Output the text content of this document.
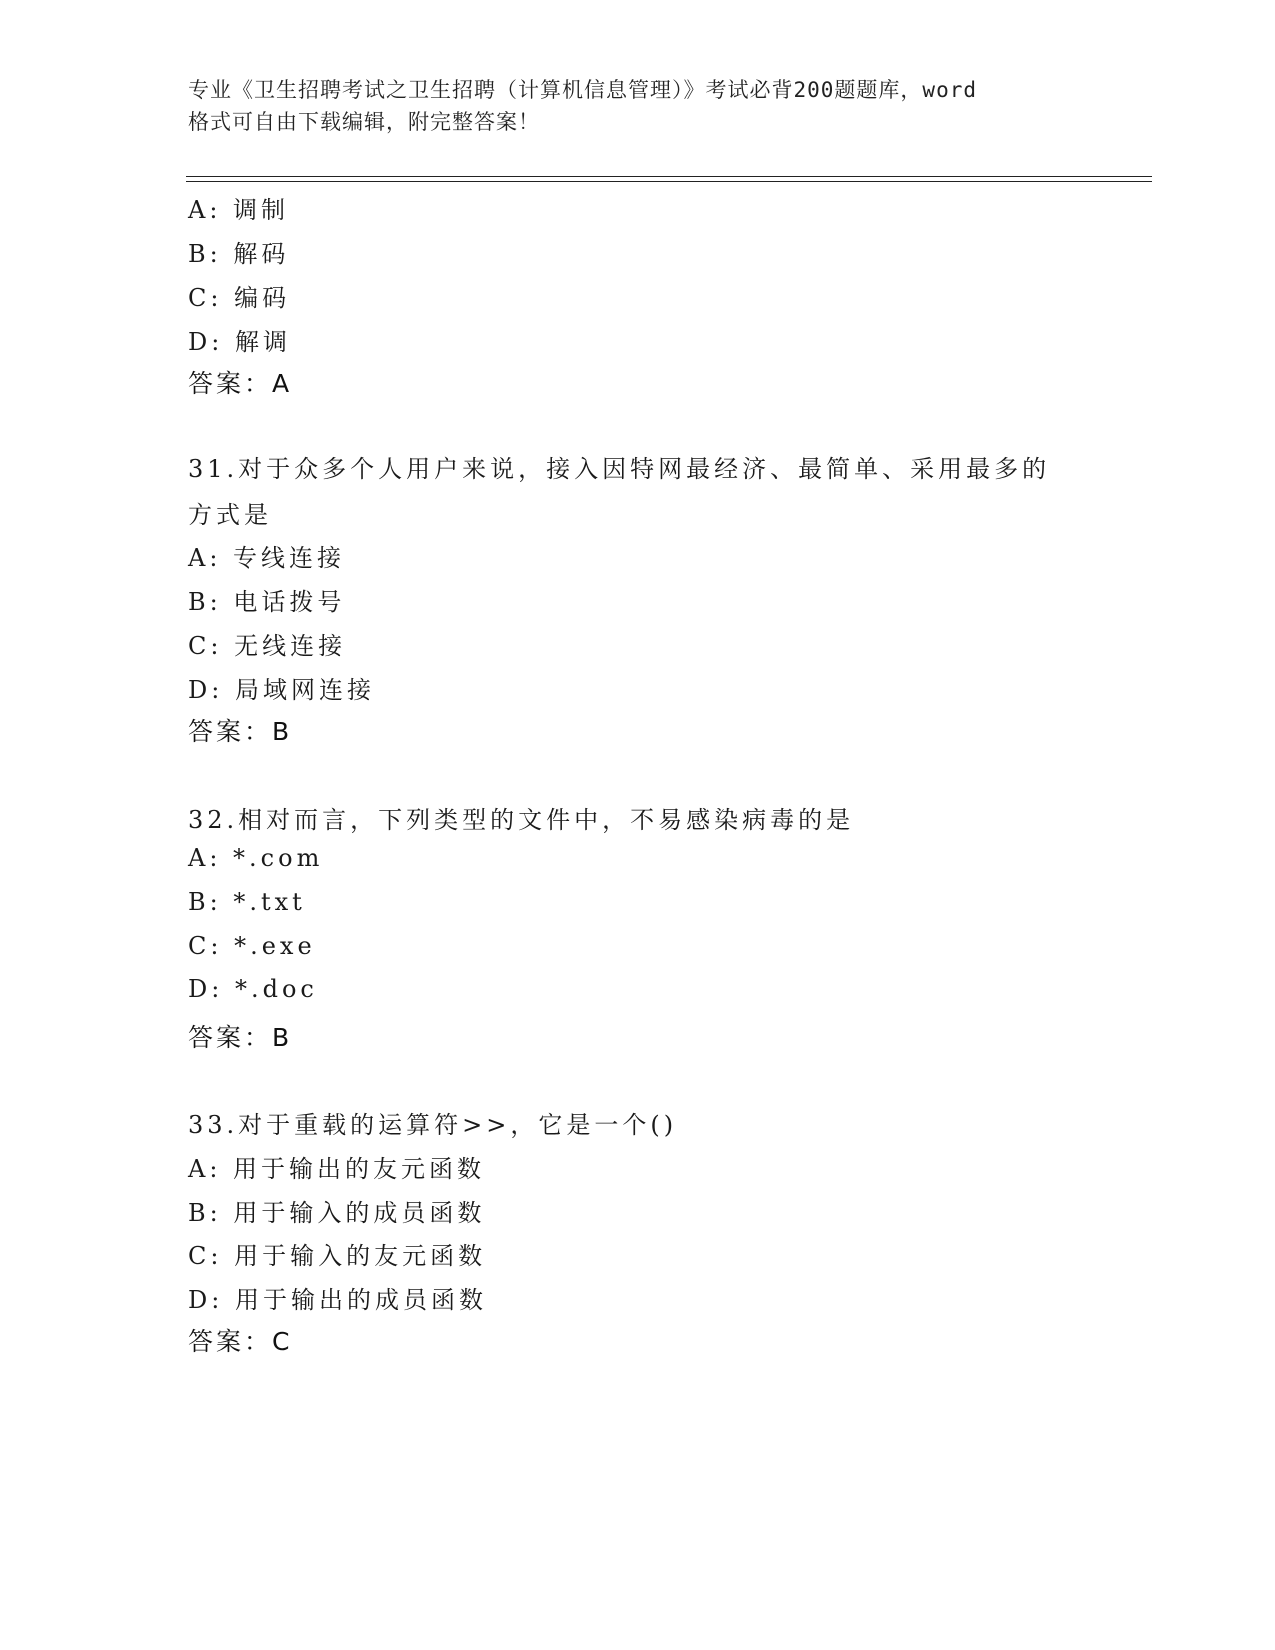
专业《卫生招聘考试之卫生招聘（计算机信息管理）》考试必背200题题库，word
格式可自由下载编辑，附完整答案！
A: 调制
B: 解码
C: 编码
D: 解调
答案：A
31.对于众多个人用户来说，接入因特网最经济、最简单、采用最多的方式是
A: 专线连接
B: 电话拨号
C: 无线连接
D: 局域网连接
答案：B
32.相对而言，下列类型的文件中，不易感染病毒的是
A: *.com
B: *.txt
C: *.exe
D: *.doc
答案：B
33.对于重载的运算符>>，它是一个()
A: 用于输出的友元函数
B: 用于输入的成员函数
C: 用于输入的友元函数
D: 用于输出的成员函数
答案：C
